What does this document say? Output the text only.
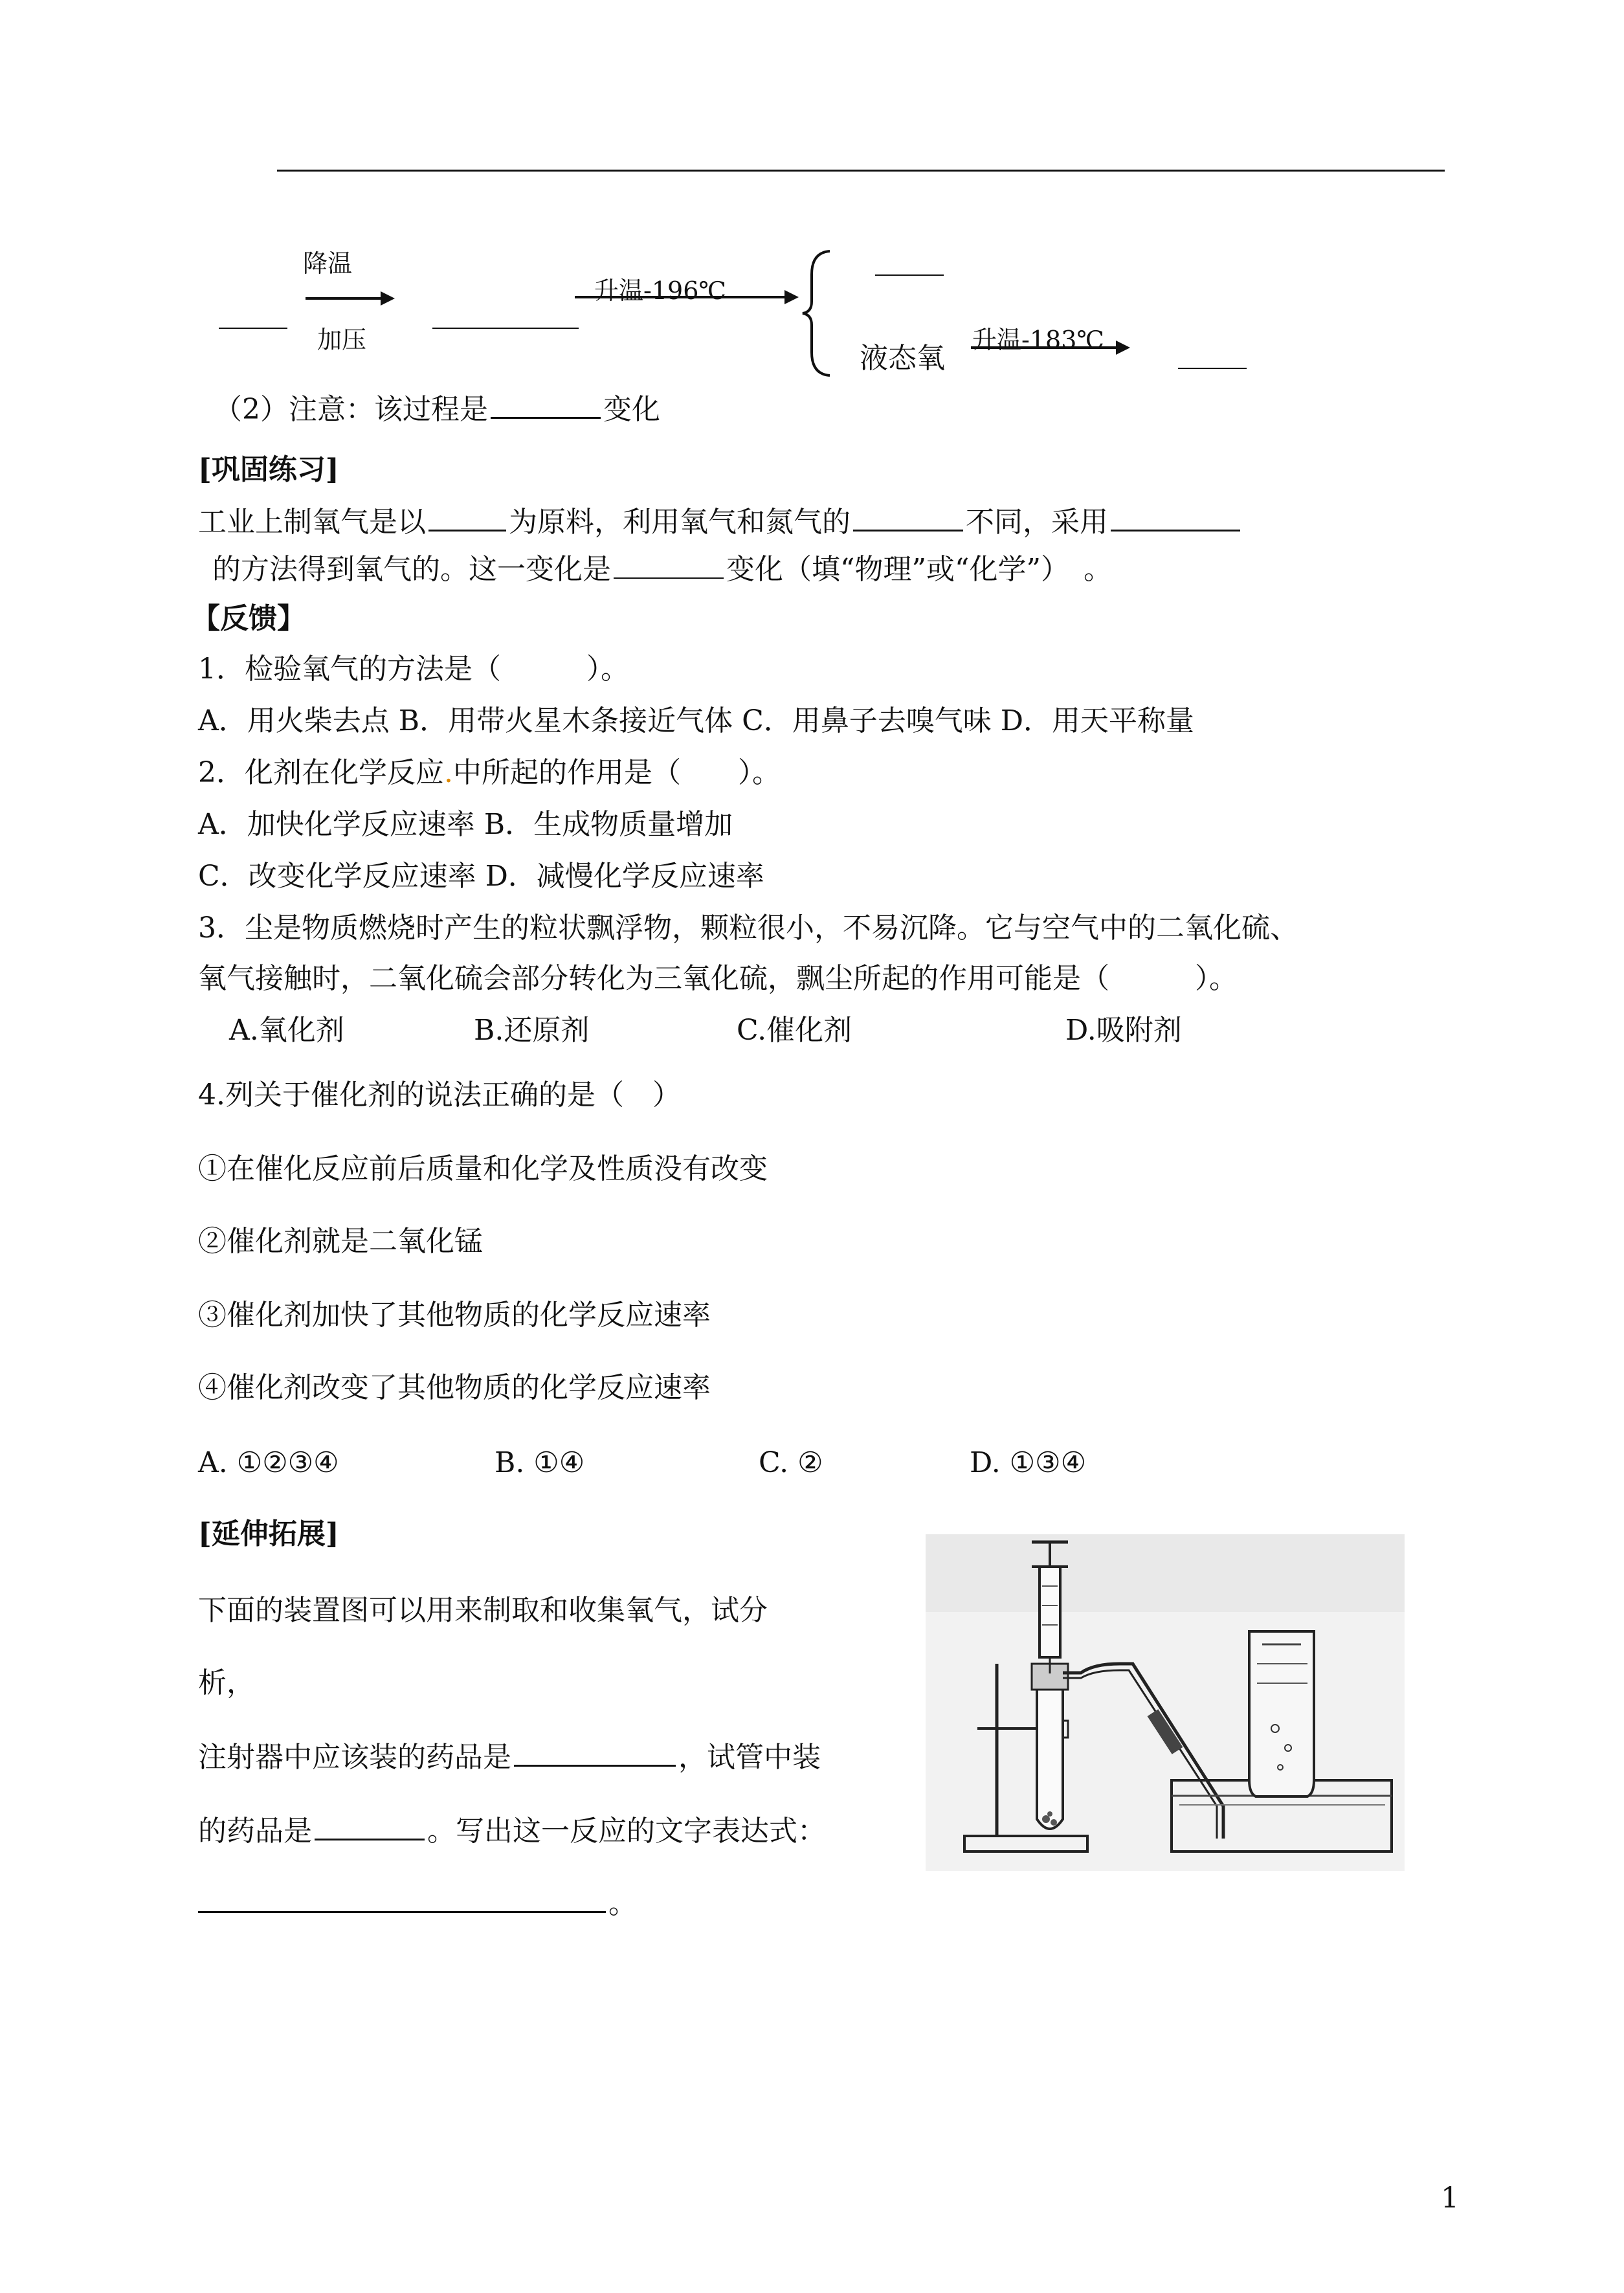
降温
加压
升温-196℃
液态氧
升温-183℃
（2）注意：该过程是	变化
[巩固练习]
工业上制氧气是以	为原料，利用氧气和氮气的	不同，采用
的方法得到氧气的。这一变化是	变化（填“物理”或“化学”）　。
【反馈】
1．检验氧气的方法是（　　　）。
A．用火柴去点 B．用带火星木条接近气体 C．用鼻子去嗅气味 D．用天平称量
2．化剂在化学反应.中所起的作用是（　　）。
A．加快化学反应速率 B．生成物质量增加
C．改变化学反应速率 D．减慢化学反应速率
3．尘是物质燃烧时产生的粒状飘浮物，颗粒很小，不易沉降。它与空气中的二氧化硫、
氧气接触时，二氧化硫会部分转化为三氧化硫，飘尘所起的作用可能是（　　　）。
A.氧化剂	B.还原剂	C.催化剂	D.吸附剂
4.列关于催化剂的说法正确的是（　）
①在催化反应前后质量和化学及性质没有改变
②催化剂就是二氧化锰
③催化剂加快了其他物质的化学反应速率
④催化剂改变了其他物质的化学反应速率
A. ①②③④	B. ①④	C. ②	D. ①③④
[延伸拓展]
下面的装置图可以用来制取和收集氧气，试分
析，
注射器中应该装的药品是	，试管中装
的药品是	。写出这一反应的文字表达式：
。
1
